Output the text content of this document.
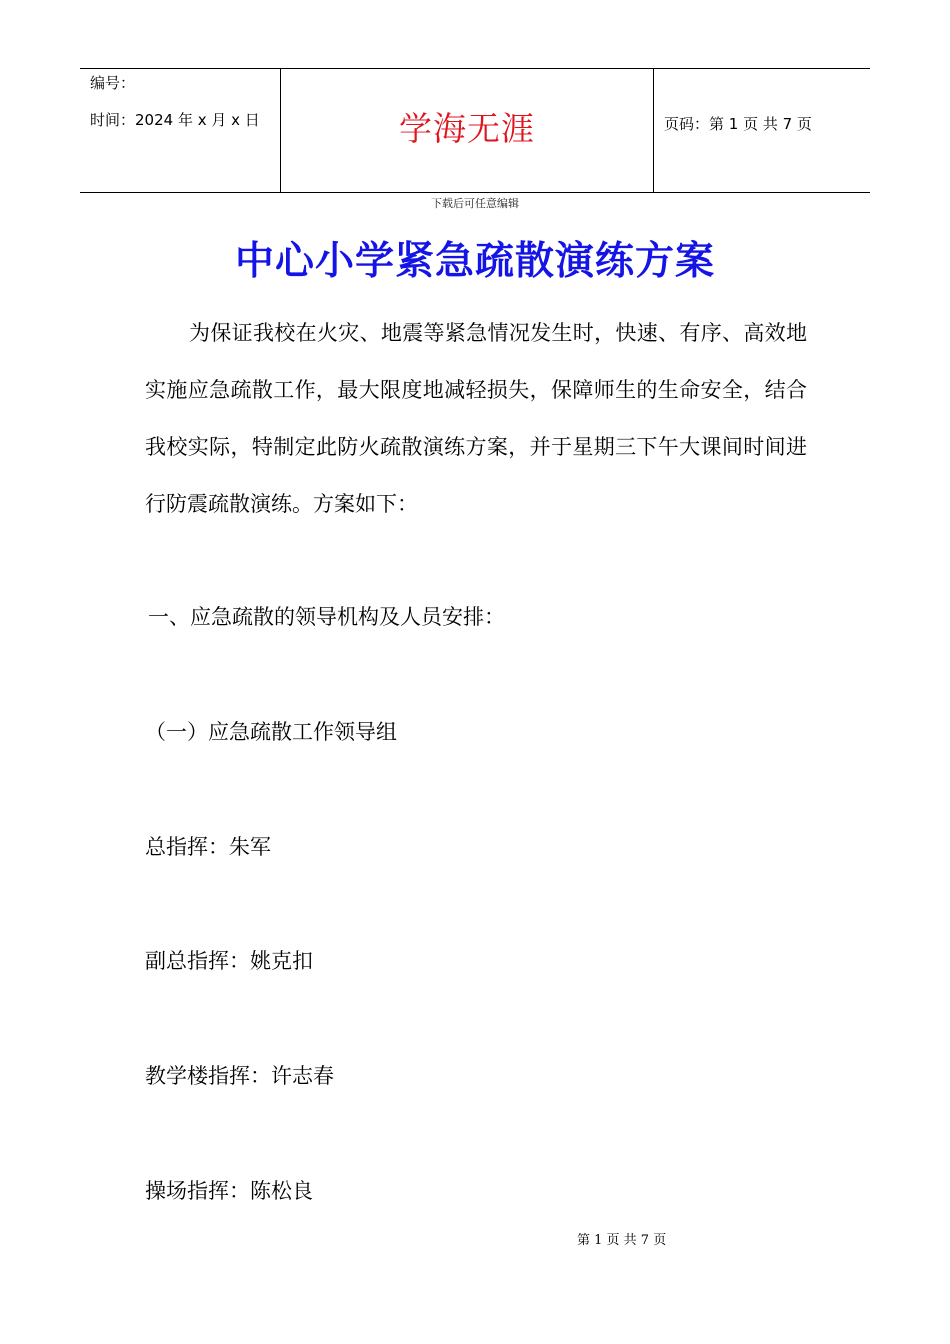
编号：
时间：2024 年 x 月 x 日	学海无涯	页码：第 1 页 共 7 页
下载后可任意编辑
中心小学紧急疏散演练方案
为保证我校在火灾、地震等紧急情况发生时，快速、有序、高效地实施应急疏散工作，最大限度地减轻损失，保障师生的生命安全，结合我校实际，特制定此防火疏散演练方案，并于星期三下午大课间时间进行防震疏散演练。方案如下：
一、应急疏散的领导机构及人员安排：
（一）应急疏散工作领导组
总指挥：朱军
副总指挥：姚克扣
教学楼指挥：许志春
操场指挥：陈松良
第 1 页 共 7 页
